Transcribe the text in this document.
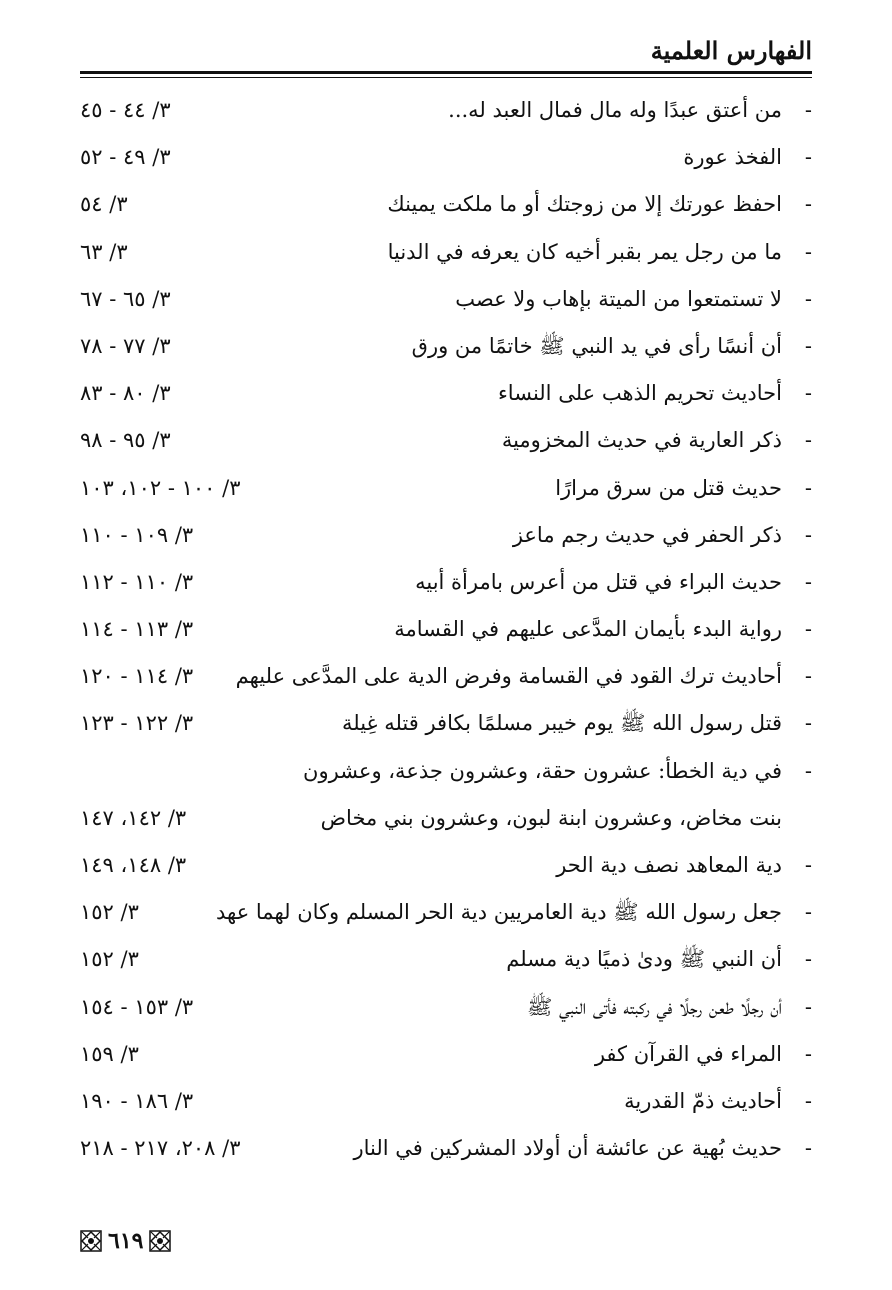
الفهارس العلمية
-
من أعتق عبدًا وله مال فمال العبد له...
٣/ ٤٤ - ٤٥
-
الفخذ عورة
٣/ ٤٩ - ٥٢
-
احفظ عورتك إلا من زوجتك أو ما ملكت يمينك
٣/ ٥٤
-
ما من رجل يمر بقبر أخيه كان يعرفه في الدنيا
٣/ ٦٣
-
لا تستمتعوا من الميتة بإهاب ولا عصب
٣/ ٦٥ - ٦٧
-
أن أنسًا رأى في يد النبي ﷺ خاتمًا من ورق
٣/ ٧٧ - ٧٨
-
أحاديث تحريم الذهب على النساء
٣/ ٨٠ - ٨٣
-
ذكر العارية في حديث المخزومية
٣/ ٩٥ - ٩٨
-
حديث قتل من سرق مرارًا
٣/ ١٠٠ - ١٠٢، ١٠٣
-
ذكر الحفر في حديث رجم ماعز
٣/ ١٠٩ - ١١٠
-
حديث البراء في قتل من أعرس بامرأة أبيه
٣/ ١١٠ - ١١٢
-
رواية البدء بأيمان المدَّعى عليهم في القسامة
٣/ ١١٣ - ١١٤
-
أحاديث ترك القود في القسامة وفرض الدية على المدَّعى عليهم
٣/ ١١٤ - ١٢٠
-
قتل رسول الله ﷺ يوم خيبر مسلمًا بكافر قتله غِيلة
٣/ ١٢٢ - ١٢٣
-
في دية الخطأ: عشرون حقة، وعشرون جذعة، وعشرون
بنت مخاض، وعشرون ابنة لبون، وعشرون بني مخاض
٣/ ١٤٢، ١٤٧
-
دية المعاهد نصف دية الحر
٣/ ١٤٨، ١٤٩
-
جعل رسول الله ﷺ دية العامريين دية الحر المسلم وكان لهما عهد
٣/ ١٥٢
-
أن النبي ﷺ ودىٰ ذميًا دية مسلم
٣/ ١٥٢
-
أن رجلًا طعن رجلًا في ركبته فأتى النبي ﷺ
٣/ ١٥٣ - ١٥٤
-
المراء في القرآن كفر
٣/ ١٥٩
-
أحاديث ذمّ القدرية
٣/ ١٨٦ - ١٩٠
-
حديث بُهية عن عائشة أن أولاد المشركين في النار
٣/ ٢٠٨، ٢١٧ - ٢١٨
٦١٩
